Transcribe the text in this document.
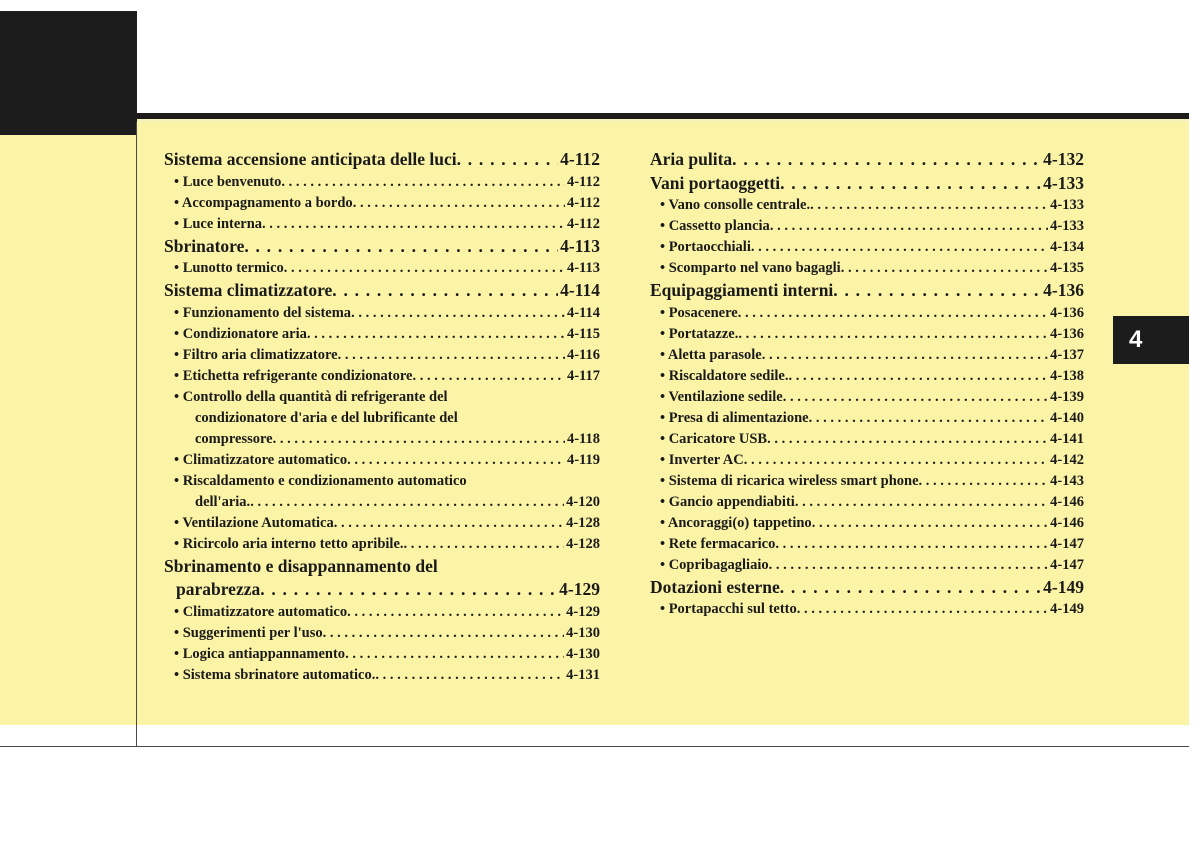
4
Sistema accensione anticipata delle luci . . .	4-112
• Luce benvenuto . . .	4-112
• Accompagnamento a bordo . . .	4-112
• Luce interna . . .	4-112
Sbrinatore . . .	4-113
• Lunotto termico . . .	4-113
Sistema climatizzatore . . .	4-114
• Funzionamento del sistema . . .	4-114
• Condizionatore aria . . .	4-115
• Filtro aria climatizzatore . . .	4-116
• Etichetta refrigerante condizionatore . . .	4-117
• Controllo della quantità di refrigerante del
condizionatore d'aria e del lubrificante del
compressore . . .	4-118
• Climatizzatore automatico . . .	4-119
• Riscaldamento e condizionamento automatico
dell'aria. . . .	4-120
• Ventilazione Automatica . . .	4-128
• Ricircolo aria interno tetto apribile. . . .	4-128
Sbrinamento e disappannamento del
parabrezza . . .	4-129
• Climatizzatore automatico . . .	4-129
• Suggerimenti per l'uso . . .	4-130
• Logica antiappannamento . . .	4-130
• Sistema sbrinatore automatico. . . .	4-131
Aria pulita . . .	4-132
Vani portaoggetti . . .	4-133
• Vano consolle centrale. . . .	4-133
• Cassetto plancia . . .	4-133
• Portaocchiali . . .	4-134
• Scomparto nel vano bagagli . . .	4-135
Equipaggiamenti interni . . .	4-136
• Posacenere . . .	4-136
• Portatazze. . . .	4-136
• Aletta parasole . . .	4-137
• Riscaldatore sedile. . . .	4-138
• Ventilazione sedile . . .	4-139
• Presa di alimentazione . . .	4-140
• Caricatore USB . . .	4-141
• Inverter AC . . .	4-142
• Sistema di ricarica wireless smart phone . . .	4-143
• Gancio appendiabiti . . .	4-146
• Ancoraggi(o) tappetino . . .	4-146
• Rete fermacarico . . .	4-147
• Copribagagliaio . . .	4-147
Dotazioni esterne . . .	4-149
• Portapacchi sul tetto . . .	4-149
